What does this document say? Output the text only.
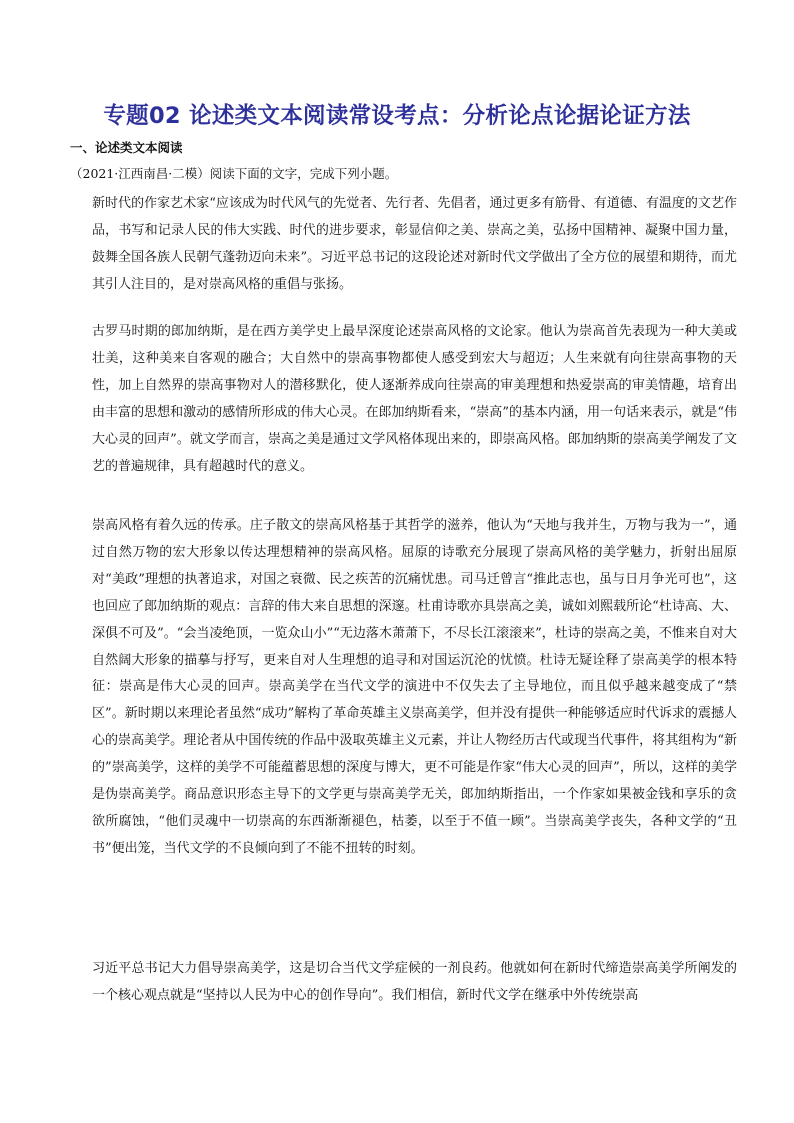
专题02 论述类文本阅读常设考点：分析论点论据论证方法
一、论述类文本阅读
（2021·江西南昌·二模）阅读下面的文字，完成下列小题。

新时代的作家艺术家“应该成为时代风气的先觉者、先行者、先倡者，通过更多有筋骨、有道德、有温度的文艺作品，书写和记录人民的伟大实践、时代的进步要求，彰显信仰之美、崇高之美，弘扬中国精神、凝聚中国力量，鼓舞全国各族人民朝气蓬勃迈向未来”。习近平总书记的这段论述对新时代文学做出了全方位的展望和期待，而尤其引人注目的，是对崇高风格的重倡与张扬。

古罗马时期的郎加纳斯，是在西方美学史上最早深度论述崇高风格的文论家。他认为崇高首先表现为一种大美或壮美，这种美来自客观的融合；大自然中的崇高事物都使人感受到宏大与超迈；人生来就有向往崇高事物的天性，加上自然界的崇高事物对人的潜移默化，使人逐渐养成向往崇高的审美理想和热爱崇高的审美情趣，培育出由丰富的思想和激动的感情所形成的伟大心灵。在郎加纳斯看来，“崇高”的基本内涵，用一句话来表示，就是“伟大心灵的回声”。就文学而言，崇高之美是通过文学风格体现出来的，即崇高风格。郎加纳斯的崇高美学阐发了文艺的普遍规律，具有超越时代的意义。

崇高风格有着久远的传承。庄子散文的崇高风格基于其哲学的滋养，他认为“天地与我并生，万物与我为一”，通过自然万物的宏大形象以传达理想精神的崇高风格。屈原的诗歌充分展现了崇高风格的美学魅力，折射出屈原对“美政”理想的执著追求，对国之衰微、民之疾苦的沉痛忧患。司马迁曾言“推此志也，虽与日月争光可也”，这也回应了郎加纳斯的观点：言辞的伟大来自思想的深邃。杜甫诗歌亦具崇高之美，诚如刘熙载所论“杜诗高、大、深俱不可及”。“会当凌绝顶，一览众山小”“无边落木萧萧下，不尽长江滚滚来”，杜诗的崇高之美，不惟来自对大自然阔大形象的描摹与抒写，更来自对人生理想的追寻和对国运沉沦的忧愤。杜诗无疑诠释了崇高美学的根本特征：崇高是伟大心灵的回声。崇高美学在当代文学的演进中不仅失去了主导地位，而且似乎越来越变成了“禁区”。新时期以来理论者虽然“成功”解构了革命英雄主义崇高美学，但并没有提供一种能够适应时代诉求的震撼人心的崇高美学。理论者从中国传统的作品中汲取英雄主义元素，并让人物经历古代或现当代事件，将其组构为“新的”崇高美学，这样的美学不可能蕴蓄思想的深度与博大，更不可能是作家“伟大心灵的回声”，所以，这样的美学是伪崇高美学。商品意识形态主导下的文学更与崇高美学无关，郎加纳斯指出，一个作家如果被金钱和享乐的贪欲所腐蚀，“他们灵魂中一切崇高的东西渐渐褪色，枯萎，以至于不值一顾”。当崇高美学丧失，各种文学的“丑书”便出笼，当代文学的不良倾向到了不能不扭转的时刻。

习近平总书记大力倡导崇高美学，这是切合当代文学症候的一剂良药。他就如何在新时代缔造崇高美学所阐发的一个核心观点就是“坚持以人民为中心的创作导向”。我们相信，新时代文学在继承中外传统崇高
